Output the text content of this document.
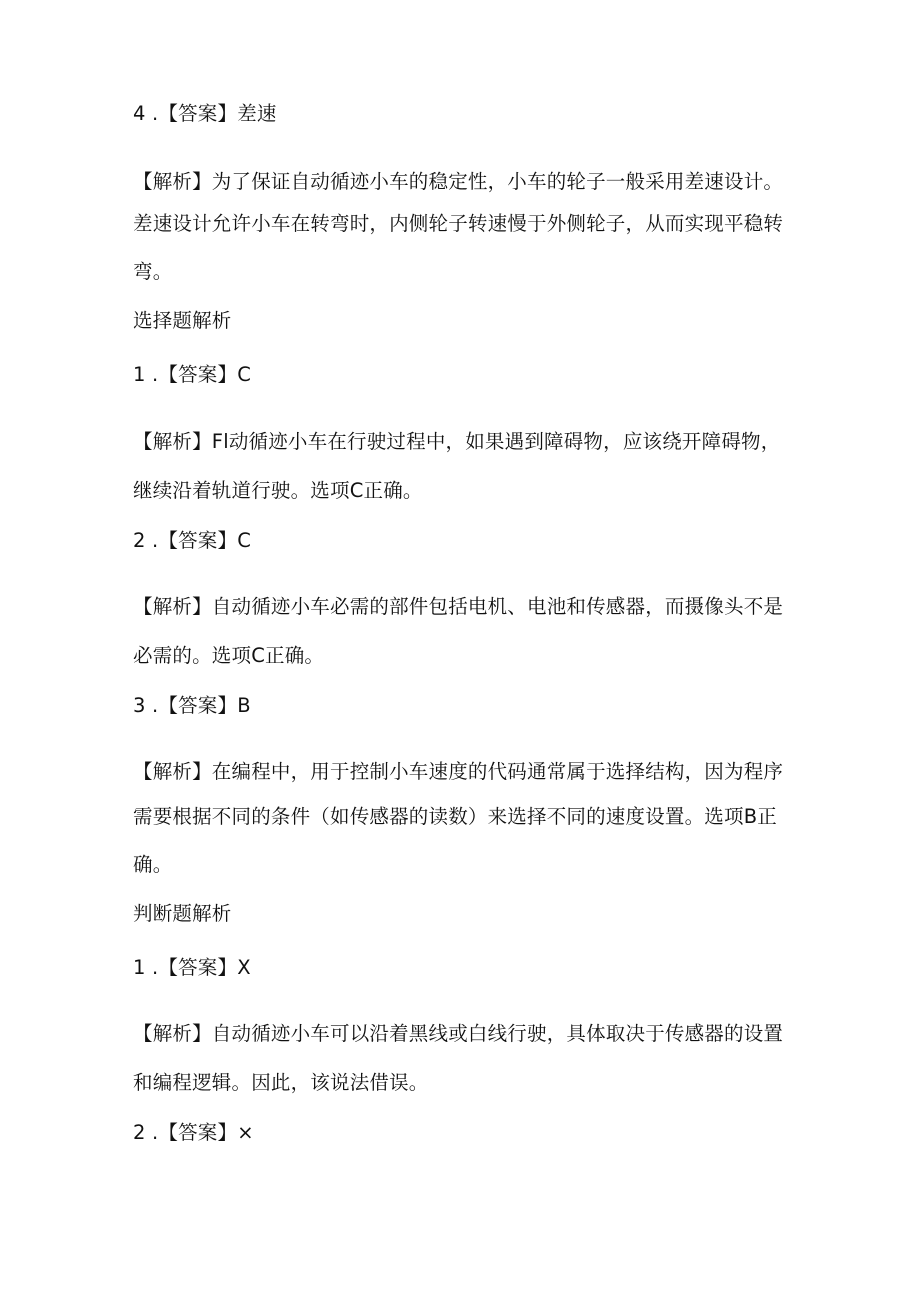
4 .【答案】差速
【解析】为了保证自动循迹小车的稳定性，小车的轮子一般采用差速设计。
差速设计允许小车在转弯时，内侧轮子转速慢于外侧轮子，从而实现平稳转
弯。
选择题解析
1 .【答案】C
【解析】Fl动循迹小车在行驶过程中，如果遇到障碍物，应该绕开障碍物，
继续沿着轨道行驶。选项C正确。
2 .【答案】C
【解析】自动循迹小车必需的部件包括电机、电池和传感器，而摄像头不是
必需的。选项C正确。
3 .【答案】B
【解析】在编程中，用于控制小车速度的代码通常属于选择结构，因为程序
需要根据不同的条件（如传感器的读数）来选择不同的速度设置。选项B正
确。
判断题解析
1 .【答案】X
【解析】自动循迹小车可以沿着黑线或白线行驶，具体取决于传感器的设置
和编程逻辑。因此，该说法借误。
2 .【答案】×
